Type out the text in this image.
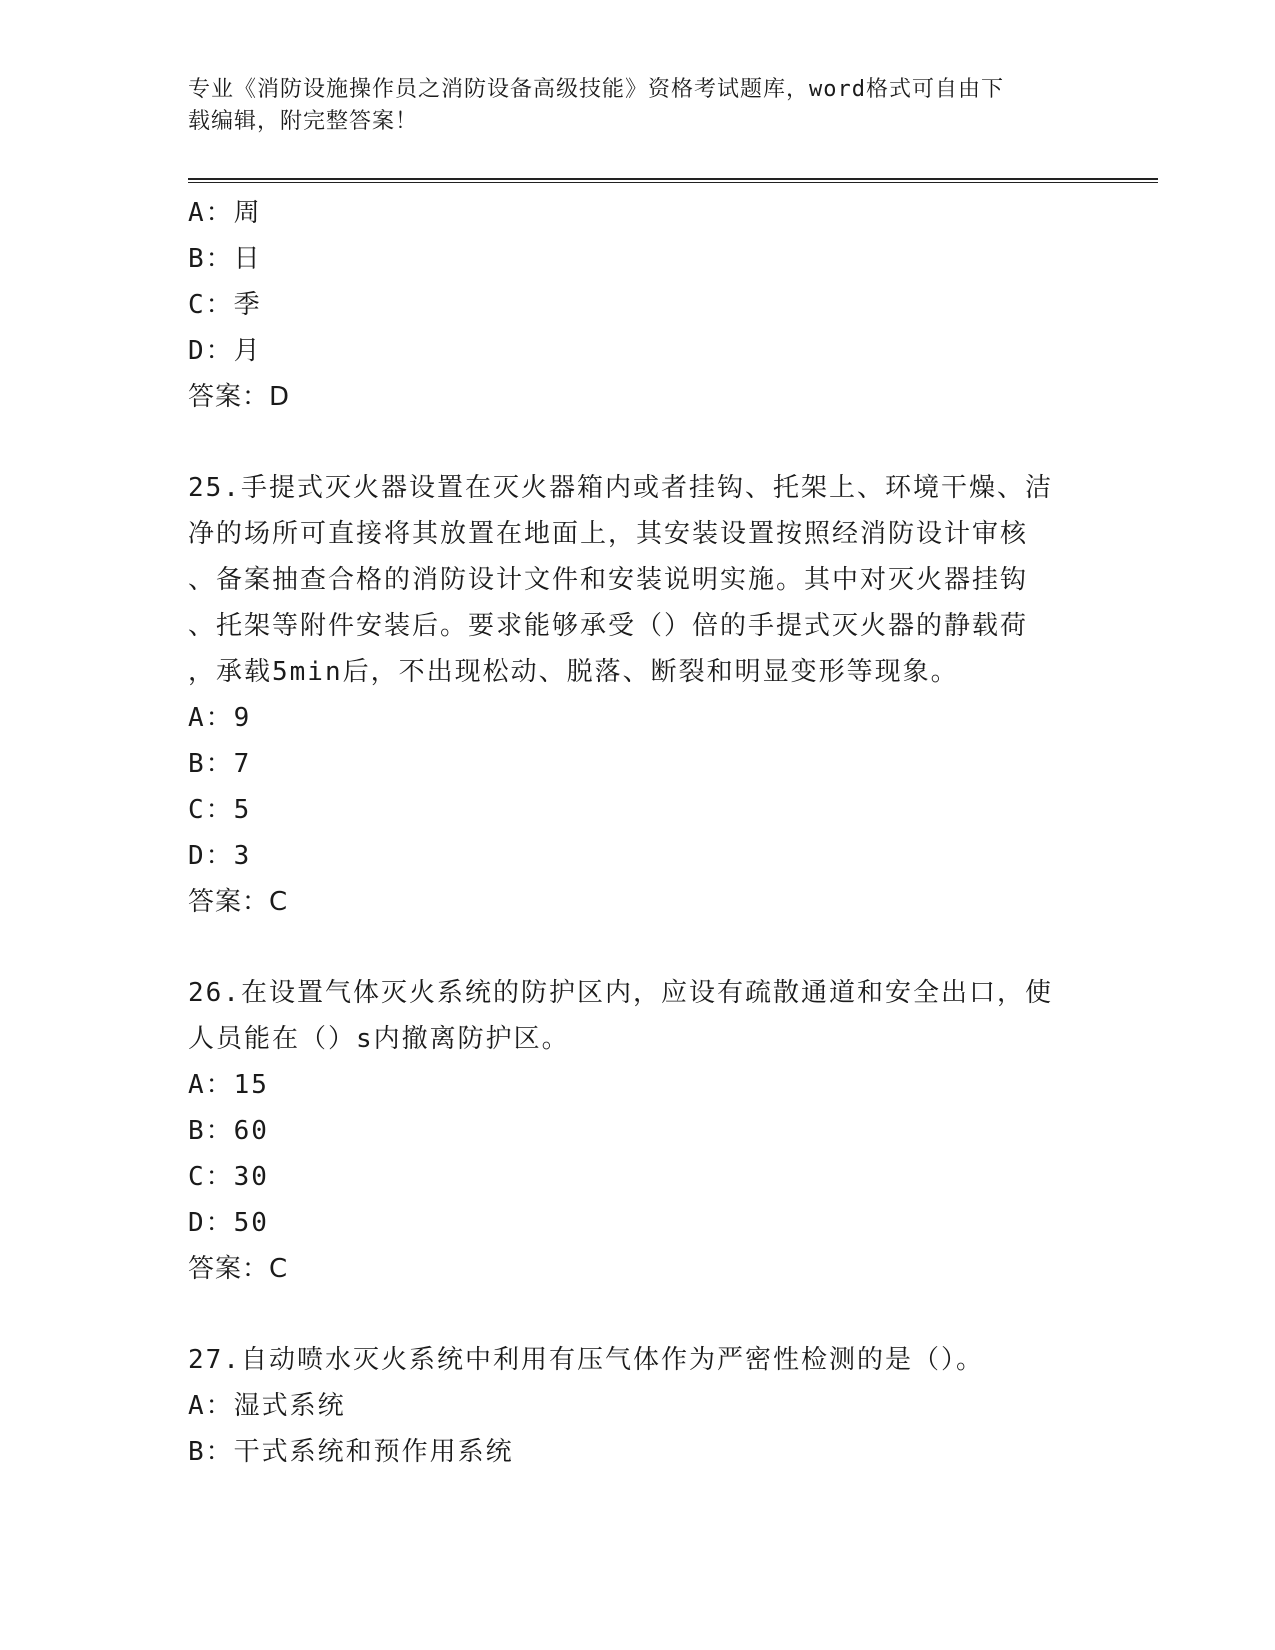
专业《消防设施操作员之消防设备高级技能》资格考试题库，word格式可自由下
载编辑，附完整答案！
A：周
B：日
C：季
D：月
答案：D
25.手提式灭火器设置在灭火器箱内或者挂钩、托架上、环境干燥、洁
净的场所可直接将其放置在地面上，其安装设置按照经消防设计审核
、备案抽查合格的消防设计文件和安装说明实施。其中对灭火器挂钩
、托架等附件安装后。要求能够承受（）倍的手提式灭火器的静载荷
，承载5min后，不出现松动、脱落、断裂和明显变形等现象。
A：9
B：7
C：5
D：3
答案：C
26.在设置气体灭火系统的防护区内，应设有疏散通道和安全出口，使
人员能在（）s内撤离防护区。
A：15
B：60
C：30
D：50
答案：C
27.自动喷水灭火系统中利用有压气体作为严密性检测的是（）。
A：湿式系统
B：干式系统和预作用系统
